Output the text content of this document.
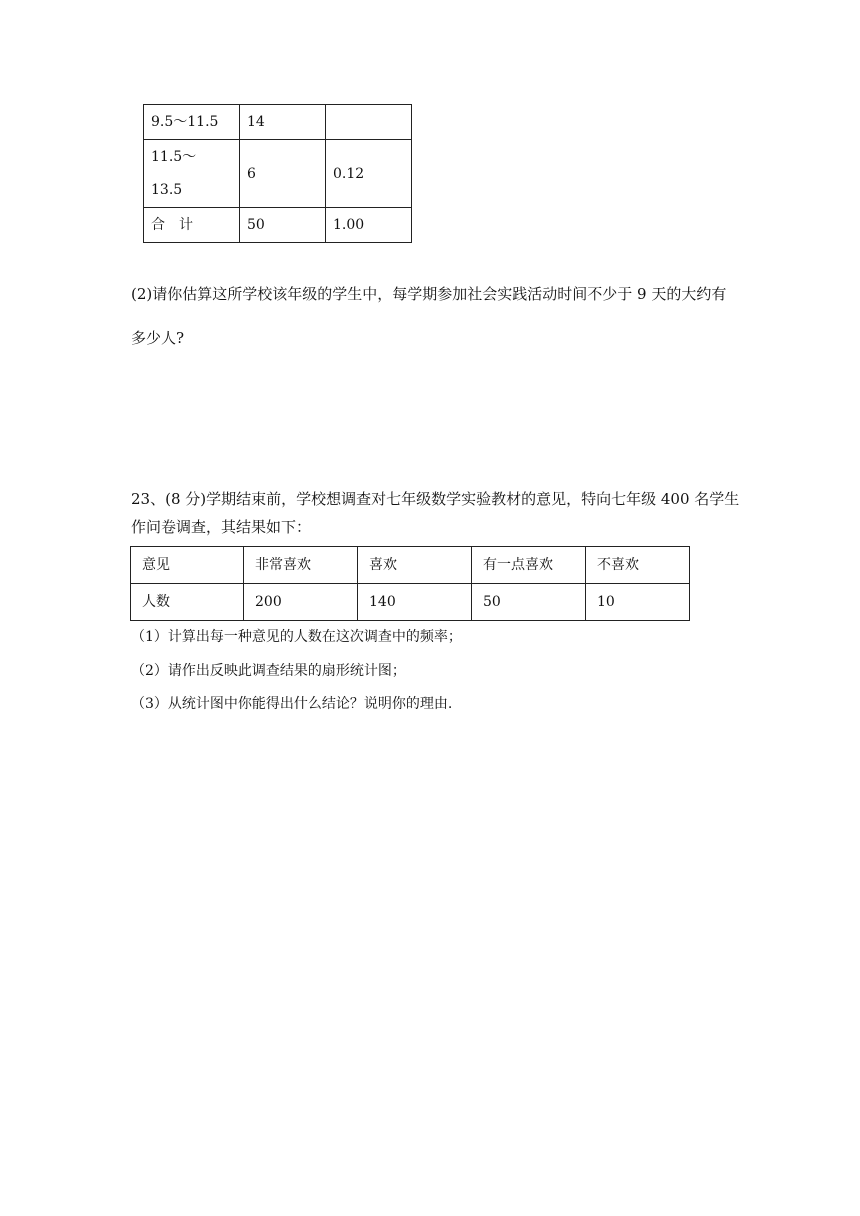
9.5～11.5	14	
11.5～
13.5	6	0.12
合　计	50	1.00
(2)请你估算这所学校该年级的学生中，每学期参加社会实践活动时间不少于 9 天的大约有
多少人?
23、(8 分)学期结束前，学校想调查对七年级数学实验教材的意见，特向七年级 400 名学生
作问卷调查，其结果如下：
意见	非常喜欢	喜欢	有一点喜欢	不喜欢
人数	200	140	50	10
（1）计算出每一种意见的人数在这次调查中的频率；
（2）请作出反映此调查结果的扇形统计图；
（3）从统计图中你能得出什么结论？说明你的理由.
